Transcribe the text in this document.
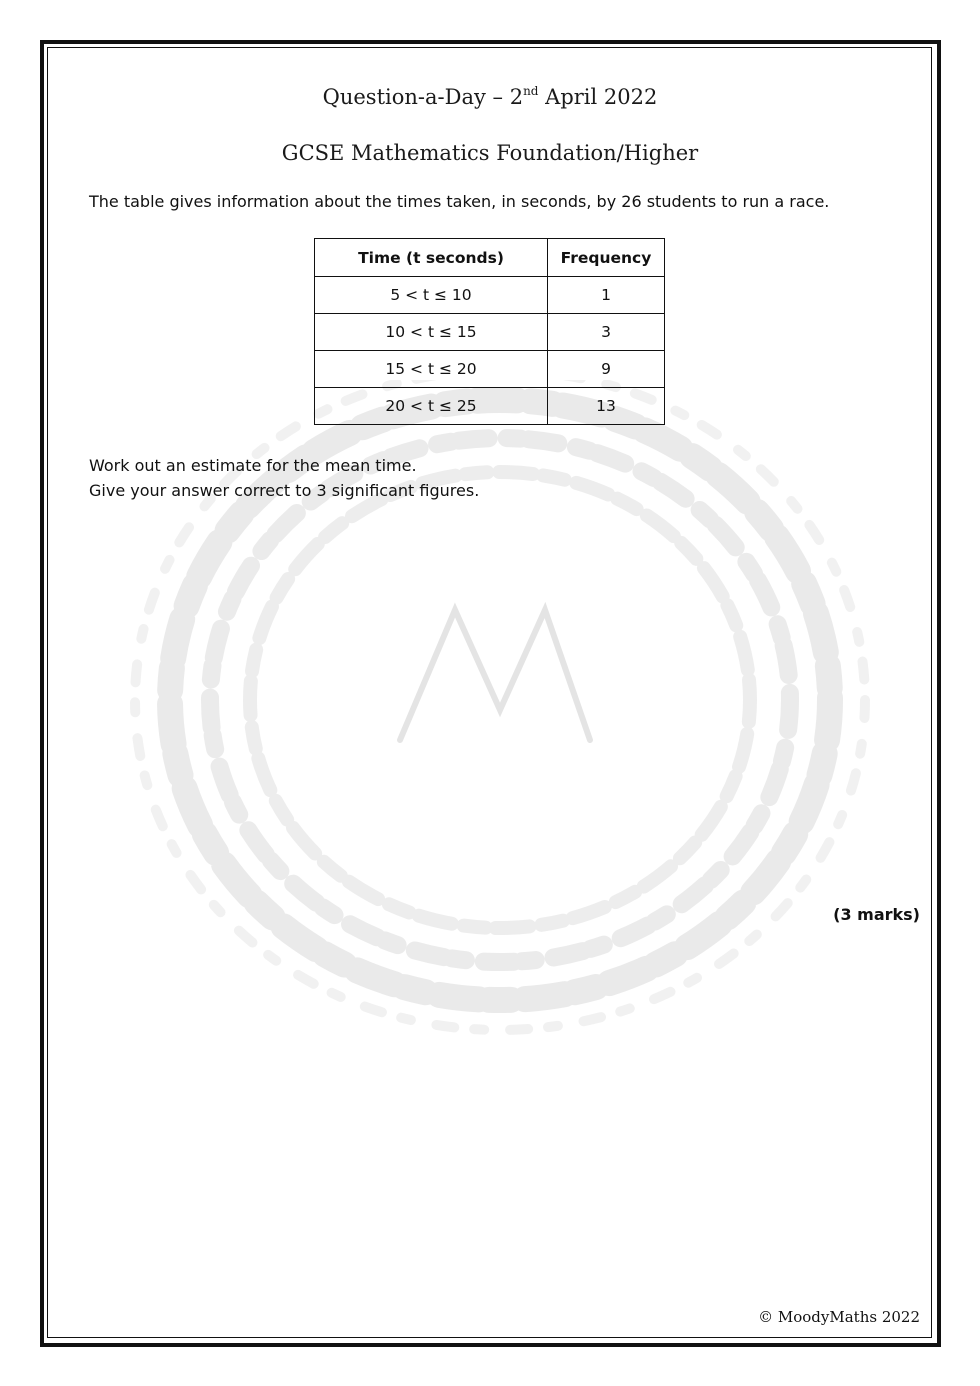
Question-a-Day – 2nd April 2022
GCSE Mathematics Foundation/Higher
The table gives information about the times taken, in seconds, by 26 students to run a race.
Time (t seconds)	Frequency
5 < t ≤ 10	1
10 < t ≤ 15	3
15 < t ≤ 20	9
20 < t ≤ 25	13
Work out an estimate for the mean time.
Give your answer correct to 3 significant figures.
(3 marks)
© MoodyMaths 2022
